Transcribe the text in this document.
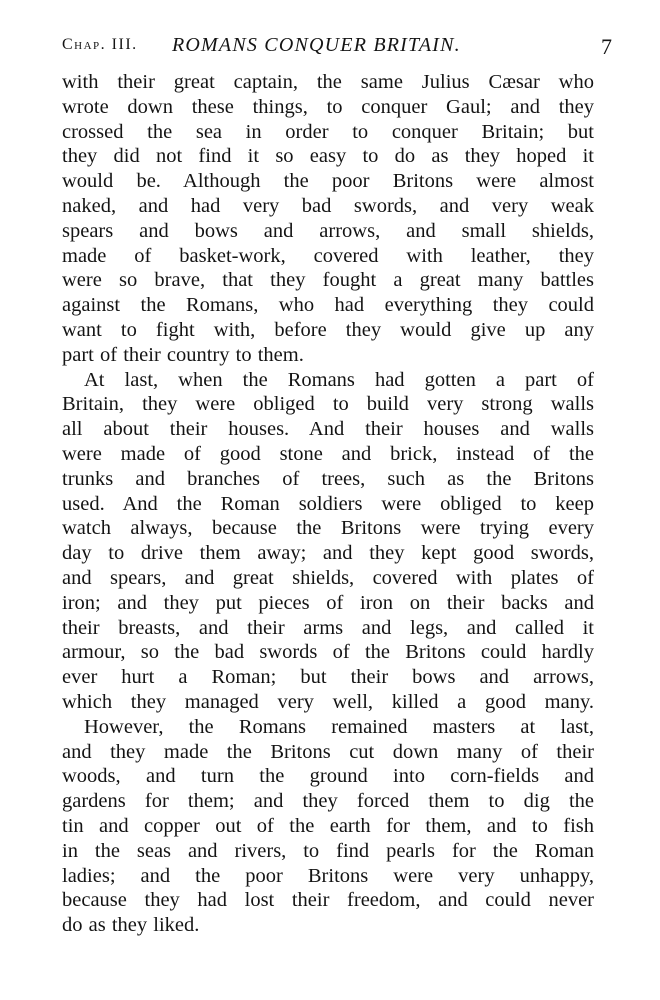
Chap. III. ROMANS CONQUER BRITAIN.	7

with their great captain, the same Julius Cæsar who
wrote down these things, to conquer Gaul; and they
crossed the sea in order to conquer Britain; but
they did not find it so easy to do as they hoped it
would be. Although the poor Britons were almost
naked, and had very bad swords, and very weak
spears and bows and arrows, and small shields,
made of basket-work, covered with leather, they
were so brave, that they fought a great many battles
against the Romans, who had everything they could
want to fight with, before they would give up any
part of their country to them.

At last, when the Romans had gotten a part of
Britain, they were obliged to build very strong walls
all about their houses. And their houses and walls
were made of good stone and brick, instead of the
trunks and branches of trees, such as the Britons
used. And the Roman soldiers were obliged to keep
watch always, because the Britons were trying every
day to drive them away; and they kept good swords,
and spears, and great shields, covered with plates of
iron; and they put pieces of iron on their backs and
their breasts, and their arms and legs, and called it
armour, so the bad swords of the Britons could hardly
ever hurt a Roman; but their bows and arrows,
which they managed very well, killed a good many.

However, the Romans remained masters at last,
and they made the Britons cut down many of their
woods, and turn the ground into corn-fields and
gardens for them; and they forced them to dig the
tin and copper out of the earth for them, and to fish
in the seas and rivers, to find pearls for the Roman
ladies; and the poor Britons were very unhappy,
because they had lost their freedom, and could never
do as they liked.
